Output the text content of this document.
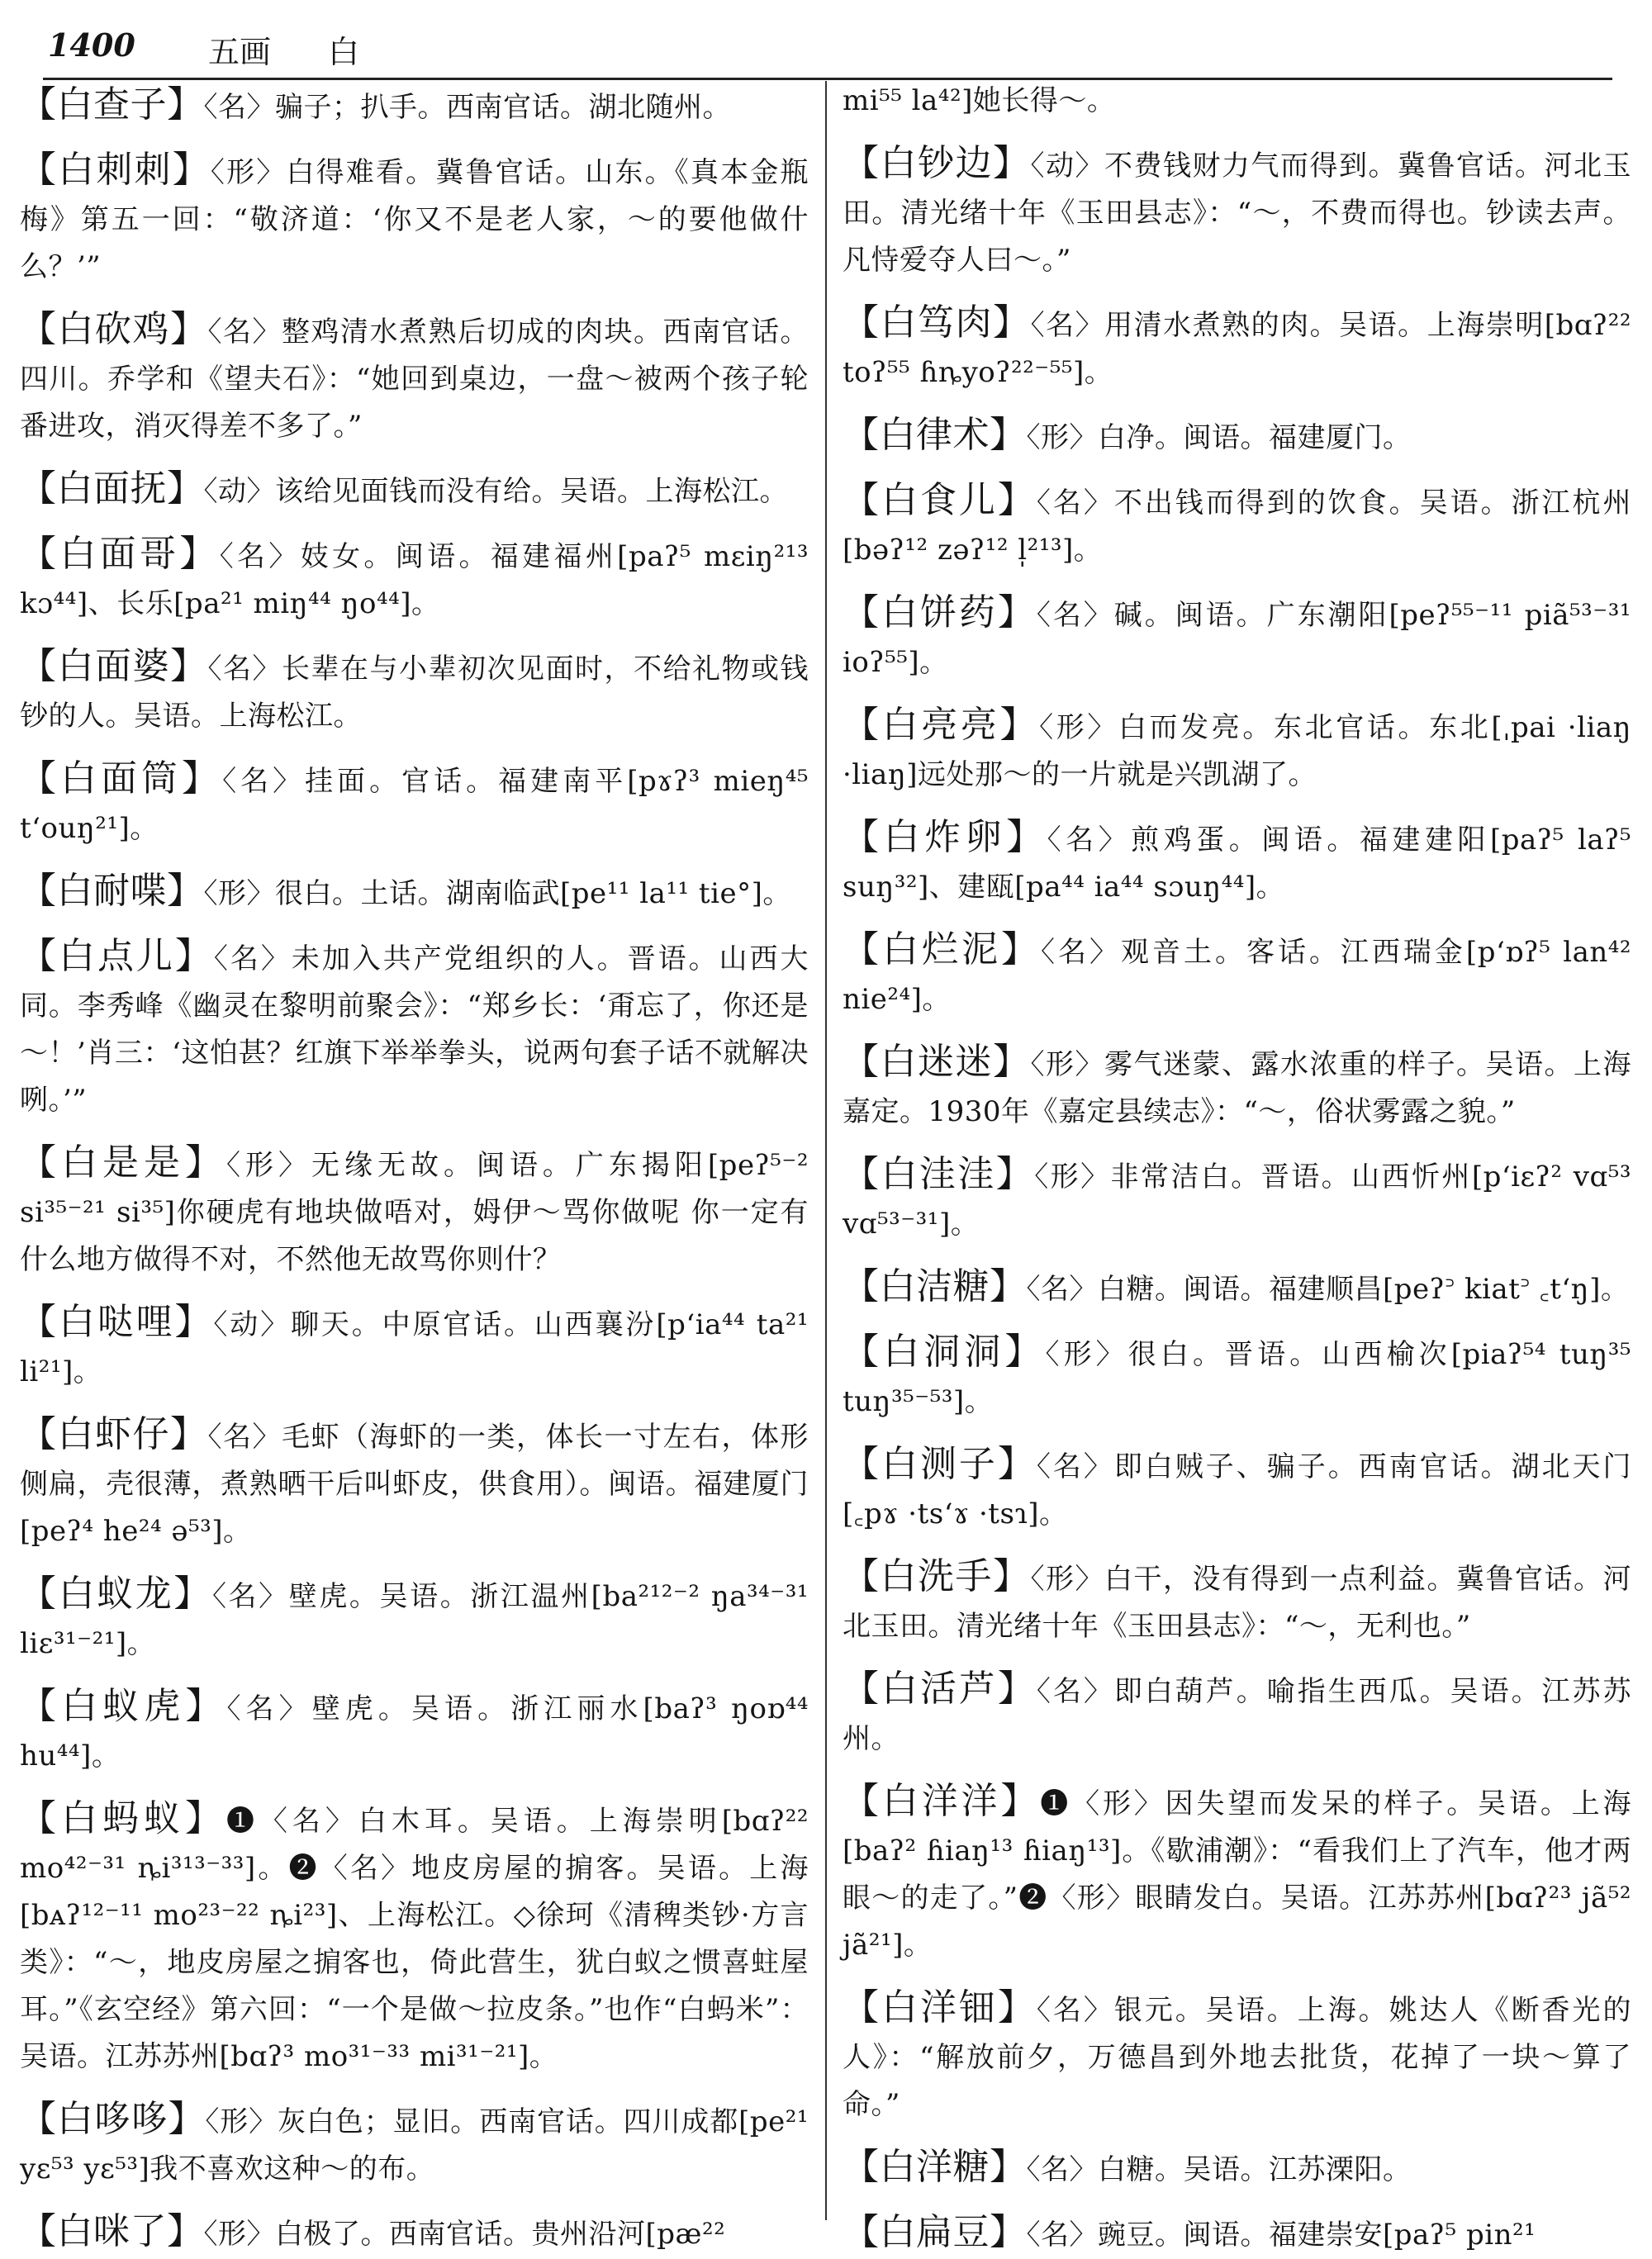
1400 五画 白

【白查子】〈名〉骗子；扒手。西南官话。湖北随州。

【白刺刺】〈形〉白得难看。冀鲁官话。山东。《真本金瓶梅》第五一回：“敬济道：‘你又不是老人家，～的要他做什么？’”

【白砍鸡】〈名〉整鸡清水煮熟后切成的肉块。西南官话。四川。乔学和《望夫石》：“她回到桌边，一盘～被两个孩子轮番进攻，消灭得差不多了。”

【白面抚】〈动〉该给见面钱而没有给。吴语。上海松江。

【白面哥】〈名〉妓女。闽语。福建福州[paʔ⁵ mɛiŋ²¹³ kɔ⁴⁴]、长乐[pa²¹ miŋ⁴⁴ ŋo⁴⁴]。

【白面婆】〈名〉长辈在与小辈初次见面时，不给礼物或钱钞的人。吴语。上海松江。

【白面筒】〈名〉挂面。官话。福建南平[pɤʔ³ mieŋ⁴⁵ t‘ouŋ²¹]。

【白耐喋】〈形〉很白。土话。湖南临武[pe¹¹ la¹¹ tie°]。

【白点儿】〈名〉未加入共产党组织的人。晋语。山西大同。李秀峰《幽灵在黎明前聚会》：“郑乡长：‘甭忘了，你还是～！’肖三：‘这怕甚？红旗下举举拳头，说两句套子话不就解决咧。’”

【白是是】〈形〉无缘无故。闽语。广东揭阳[peʔ⁵⁻² si³⁵⁻²¹ si³⁵]你硬虎有地块做唔对，姆伊～骂你做呢 你一定有什么地方做得不对，不然他无故骂你则什？

【白哒哩】〈动〉聊天。中原官话。山西襄汾[p‘ia⁴⁴ ta²¹ li²¹]。

【白虾仔】〈名〉毛虾（海虾的一类，体长一寸左右，体形侧扁，壳很薄，煮熟晒干后叫虾皮，供食用）。闽语。福建厦门[peʔ⁴ he²⁴ ə⁵³]。

【白蚁龙】〈名〉壁虎。吴语。浙江温州[ba²¹²⁻² ŋa³⁴⁻³¹ liɛ³¹⁻²¹]。

【白蚁虎】〈名〉壁虎。吴语。浙江丽水[baʔ³ ŋoɒ⁴⁴ hu⁴⁴]。

【白蚂蚁】❶〈名〉白木耳。吴语。上海崇明[bɑʔ²² mo⁴²⁻³¹ ȵi³¹³⁻³³]。❷〈名〉地皮房屋的掮客。吴语。上海[bᴀʔ¹²⁻¹¹ mo²³⁻²² ȵi²³]、上海松江。◇徐珂《清稗类钞·方言类》：“～，地皮房屋之掮客也，倚此营生，犹白蚁之惯喜蛀屋耳。”《玄空经》第六回：“一个是做～拉皮条。”也作“白蚂米”：吴语。江苏苏州[bɑʔ³ mo³¹⁻³³ mi³¹⁻²¹]。

【白哆哆】〈形〉灰白色；显旧。西南官话。四川成都[pe²¹ yɛ⁵³ yɛ⁵³]我不喜欢这种～的布。

【白咪了】〈形〉白极了。西南官话。贵州沿河[pæ²²

mi⁵⁵ la⁴²]她长得～。

【白钞边】〈动〉不费钱财力气而得到。冀鲁官话。河北玉田。清光绪十年《玉田县志》：“～，不费而得也。钞读去声。凡恃爱夺人曰～。”

【白笃肉】〈名〉用清水煮熟的肉。吴语。上海崇明[bɑʔ²² toʔ⁵⁵ ɦȵyoʔ²²⁻⁵⁵]。

【白律术】〈形〉白净。闽语。福建厦门。

【白食儿】〈名〉不出钱而得到的饮食。吴语。浙江杭州[bəʔ¹² zəʔ¹² l̩²¹³]。

【白饼药】〈名〉碱。闽语。广东潮阳[peʔ⁵⁵⁻¹¹ piã⁵³⁻³¹ ioʔ⁵⁵]。

【白亮亮】〈形〉白而发亮。东北官话。东北[ˌpai ·liaŋ ·liaŋ]远处那～的一片就是兴凯湖了。

【白炸卵】〈名〉煎鸡蛋。闽语。福建建阳[paʔ⁵ laʔ⁵ suŋ³²]、建瓯[pa⁴⁴ ia⁴⁴ sɔuŋ⁴⁴]。

【白烂泥】〈名〉观音土。客话。江西瑞金[p‘ɒʔ⁵ lan⁴² nie²⁴]。

【白迷迷】〈形〉雾气迷蒙、露水浓重的样子。吴语。上海嘉定。1930年《嘉定县续志》：“～，俗状雾露之貌。”

【白洼洼】〈形〉非常洁白。晋语。山西忻州[p‘iɛʔ² vɑ⁵³ vɑ⁵³⁻³¹]。

【白洁糖】〈名〉白糖。闽语。福建顺昌[peʔ꜄ kiat꜄ ꜀t‘ŋ]。

【白洞洞】〈形〉很白。晋语。山西榆次[piaʔ⁵⁴ tuŋ³⁵ tuŋ³⁵⁻⁵³]。

【白测子】〈名〉即白贼子、骗子。西南官话。湖北天门[꜀pɤ ·ts‘ɤ ·tsɿ]。

【白洗手】〈形〉白干，没有得到一点利益。冀鲁官话。河北玉田。清光绪十年《玉田县志》：“～，无利也。”

【白活芦】〈名〉即白葫芦。喻指生西瓜。吴语。江苏苏州。

【白洋洋】❶〈形〉因失望而发呆的样子。吴语。上海[baʔ² ɦiaŋ¹³ ɦiaŋ¹³]。《歇浦潮》：“看我们上了汽车，他才两眼～的走了。”❷〈形〉眼睛发白。吴语。江苏苏州[bɑʔ²³ jã⁵² jã²¹]。

【白洋钿】〈名〉银元。吴语。上海。姚达人《断香光的人》：“解放前夕，万德昌到外地去批货，花掉了一块～算了命。”

【白洋糖】〈名〉白糖。吴语。江苏溧阳。

【白扁豆】〈名〉豌豆。闽语。福建崇安[paʔ⁵ pin²¹
